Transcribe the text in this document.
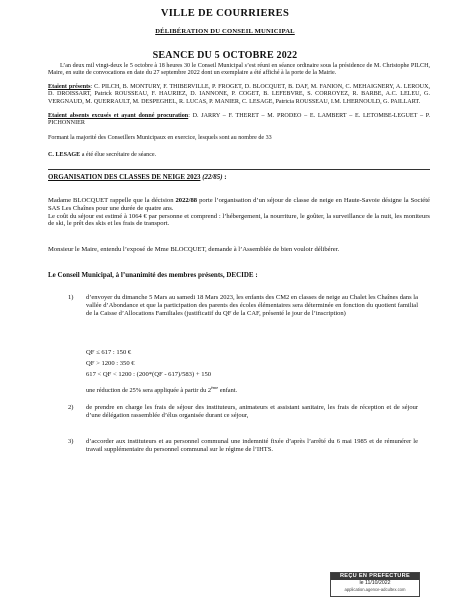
VILLE DE COURRIERES
DÉLIBÉRATION DU CONSEIL MUNICIPAL
SEANCE DU 5 OCTOBRE 2022

L’an deux mil vingt-deux le 5 octobre à 18 heures 30 le Conseil Municipal s’est réuni en séance ordinaire sous la présidence de M. Christophe PILCH, Maire, en suite de convocations en date du 27 septembre 2022 dont un exemplaire a été affiché à la porte de la Mairie.

Etaient présents: C. PILCH, B. MONTURY, F. THIBERVILLE, P. FROGET, D. BLOCQUET, B. DAF, M. FANION, C. MEHAIGNERY, A. LEROUX, D. DROISSART, Patrick ROUSSEAU, F. HAURIEZ, D. IANNONE, P. COGET, B. LEFEBVRE, S. CORROYEZ, R. BARBE, A.C. LELEU, G. VERGNAUD, M. QUERRAULT, M. DESPEGHEL, R. LUCAS, P. MANIER, C. LESAGE, Patricia ROUSSEAU, I.M. LHERNOULD, G. PAILLART.

Etaient absents excusés et ayant donné procuration: D. JARRY – F. THERET – M. PRODEO – E. LAMBERT – E. LETOMBE-LEGUET – P. PICHONNIER

Formant la majorité des Conseillers Municipaux en exercice, lesquels sont au nombre de 33

C. LESAGE a été élue secrétaire de séance.

ORGANISATION DES CLASSES DE NEIGE 2023 (22/85) :

Madame BLOCQUET rappelle que la décision 2022/88 porte l’organisation d’un séjour de classe de neige en Haute-Savoie désigne la Société SAS Les Chaînes pour une durée de quatre ans.
Le coût du séjour est estimé à 1064 € par personne et comprend : l’hébergement, la nourriture, le goûter, la surveillance de la nuit, les moniteurs de ski, le prêt des skis et les frais de transport.

Monsieur le Maire, entendu l’exposé de Mme BLOCQUET, demande à l’Assemblée de bien vouloir délibérer.

Le Conseil Municipal, à l’unanimité des membres présents, DECIDE :
1) d’envoyer du dimanche 5 Mars au samedi 18 Mars 2023, les enfants des CM2 en classes de neige au Chalet les Chaînes dans la vallée d’Abondance et que la participation des parents des écoles élémentaires sera déterminée en fonction du quotient familial de la Caisse d’Allocations Familiales (justificatif du QF de la CAF, présenté le jour de l’inscription)

QF ≤ 617 : 150 €
QF > 1200 : 350 €
617 < QF < 1200 : (200*(QF - 617)/583) + 150
une réduction de 25% sera appliquée à partir du 2ème enfant.
2) de prendre en charge les frais de séjour des instituteurs, animateurs et assistant sanitaire, les frais de réception et de séjour d’une délégation rassemblée d’élus organisée durant ce séjour,

3) d’accorder aux instituteurs et au personnel communal une indemnité fixée d’après l’arrêté du 6 mai 1985 et de rémunérer le travail supplémentaire du personnel communal sur le régime de l’IHTS.

REÇU EN PREFECTURE
le 11/10/2022
application.agence-adcultex.com
